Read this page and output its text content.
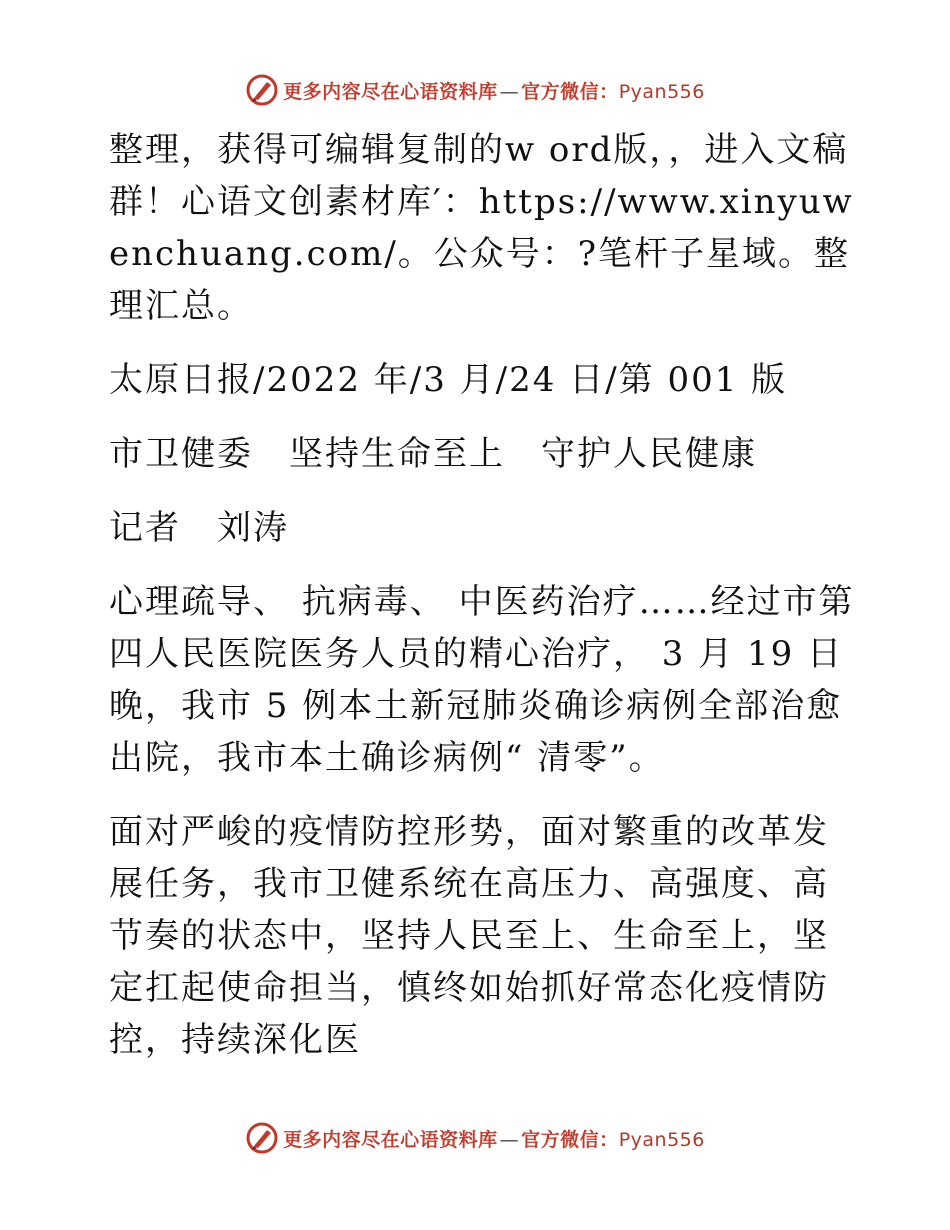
更多内容尽在心语资料库 — 官方微信：Pyan556

整理，获得可编辑复制的w ord版，，进入文稿群！心语文创素材库′：https://www.xinyuwenchuang.com/。公众号：?笔杆子星域。整理汇总。

太原日报/2022 年/3 月/24 日/第 001 版

市卫健委　坚持生命至上　守护人民健康

记者　刘涛

心理疏导、 抗病毒、 中医药治疗……经过市第四人民医院医务人员的精心治疗， 3 月 19 日晚，我市 5 例本土新冠肺炎确诊病例全部治愈出院，我市本土确诊病例“ 清零”。

面对严峻的疫情防控形势，面对繁重的改革发展任务，我市卫健系统在高压力、高强度、高节奏的状态中，坚持人民至上、生命至上，坚定扛起使命担当，慎终如始抓好常态化疫情防控，持续深化医

更多内容尽在心语资料库 — 官方微信：Pyan556
